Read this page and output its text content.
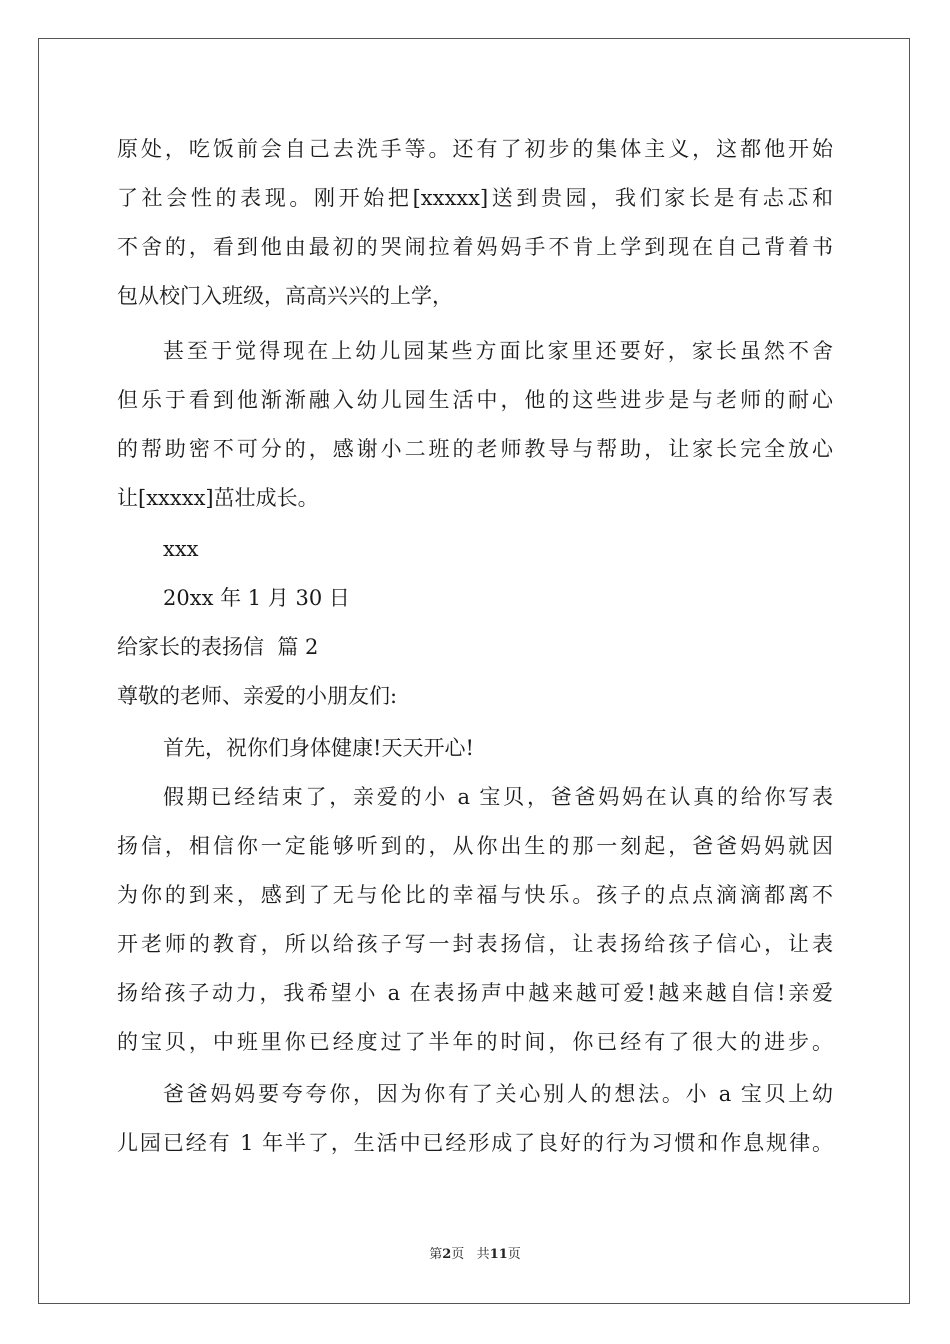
原处，吃饭前会自己去洗手等。还有了初步的集体主义，这都他开始
了社会性的表现。刚开始把[xxxxx]送到贵园，我们家长是有忐忑和
不舍的，看到他由最初的哭闹拉着妈妈手不肯上学到现在自己背着书
包从校门入班级，高高兴兴的上学，
甚至于觉得现在上幼儿园某些方面比家里还要好，家长虽然不舍
但乐于看到他渐渐融入幼儿园生活中，他的这些进步是与老师的耐心
的帮助密不可分的，感谢小二班的老师教导与帮助，让家长完全放心
让[xxxxx]茁壮成长。
xxx
20xx 年 1 月 30 日
给家长的表扬信  篇 2
尊敬的老师、亲爱的小朋友们:
首先，祝你们身体健康!天天开心!
假期已经结束了，亲爱的小 a 宝贝，爸爸妈妈在认真的给你写表
扬信，相信你一定能够听到的，从你出生的那一刻起，爸爸妈妈就因
为你的到来，感到了无与伦比的幸福与快乐。孩子的点点滴滴都离不
开老师的教育，所以给孩子写一封表扬信，让表扬给孩子信心，让表
扬给孩子动力，我希望小 a 在表扬声中越来越可爱!越来越自信!亲爱
的宝贝，中班里你已经度过了半年的时间，你已经有了很大的进步。
爸爸妈妈要夸夸你，因为你有了关心别人的想法。小 a 宝贝上幼
儿园已经有 1 年半了，生活中已经形成了良好的行为习惯和作息规律。
第2页 共11页
